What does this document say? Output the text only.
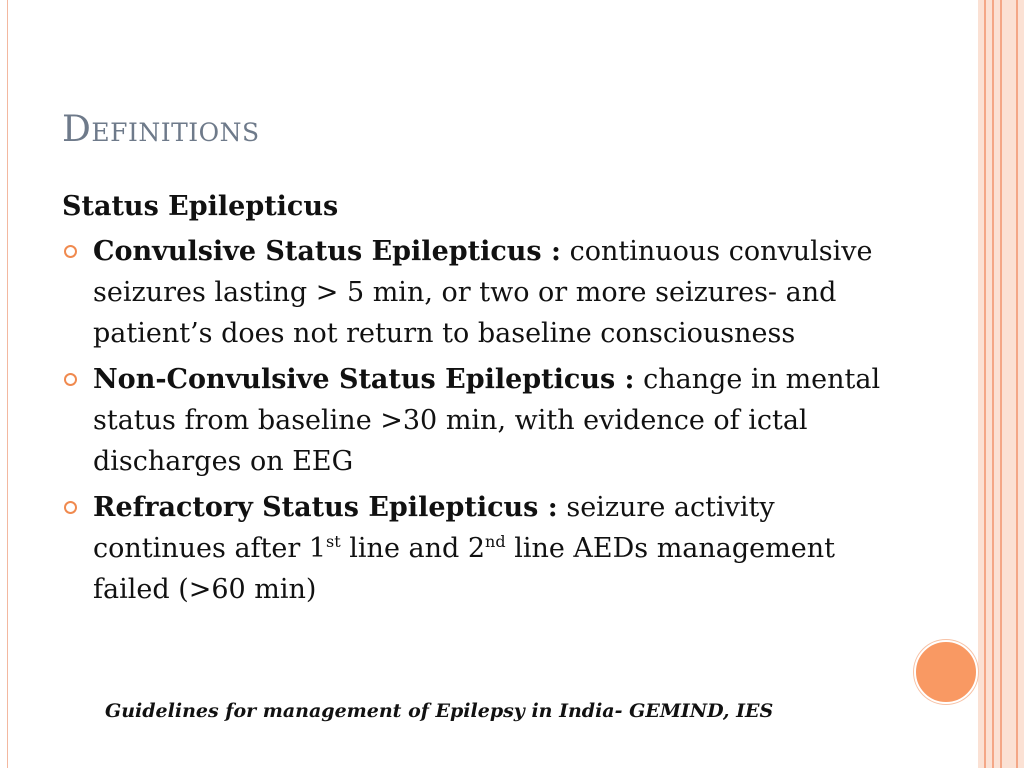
Definitions
Status Epilepticus
Convulsive Status Epilepticus : continuous convulsive seizures lasting > 5 min, or two or more seizures- and patient’s does not return to baseline consciousness
Non-Convulsive Status Epilepticus : change in mental status from baseline >30 min, with evidence of ictal discharges on EEG
Refractory Status Epilepticus : seizure activity continues after 1st line and 2nd line AEDs management failed (>60 min)
Guidelines for management of Epilepsy in India- GEMIND, IES
